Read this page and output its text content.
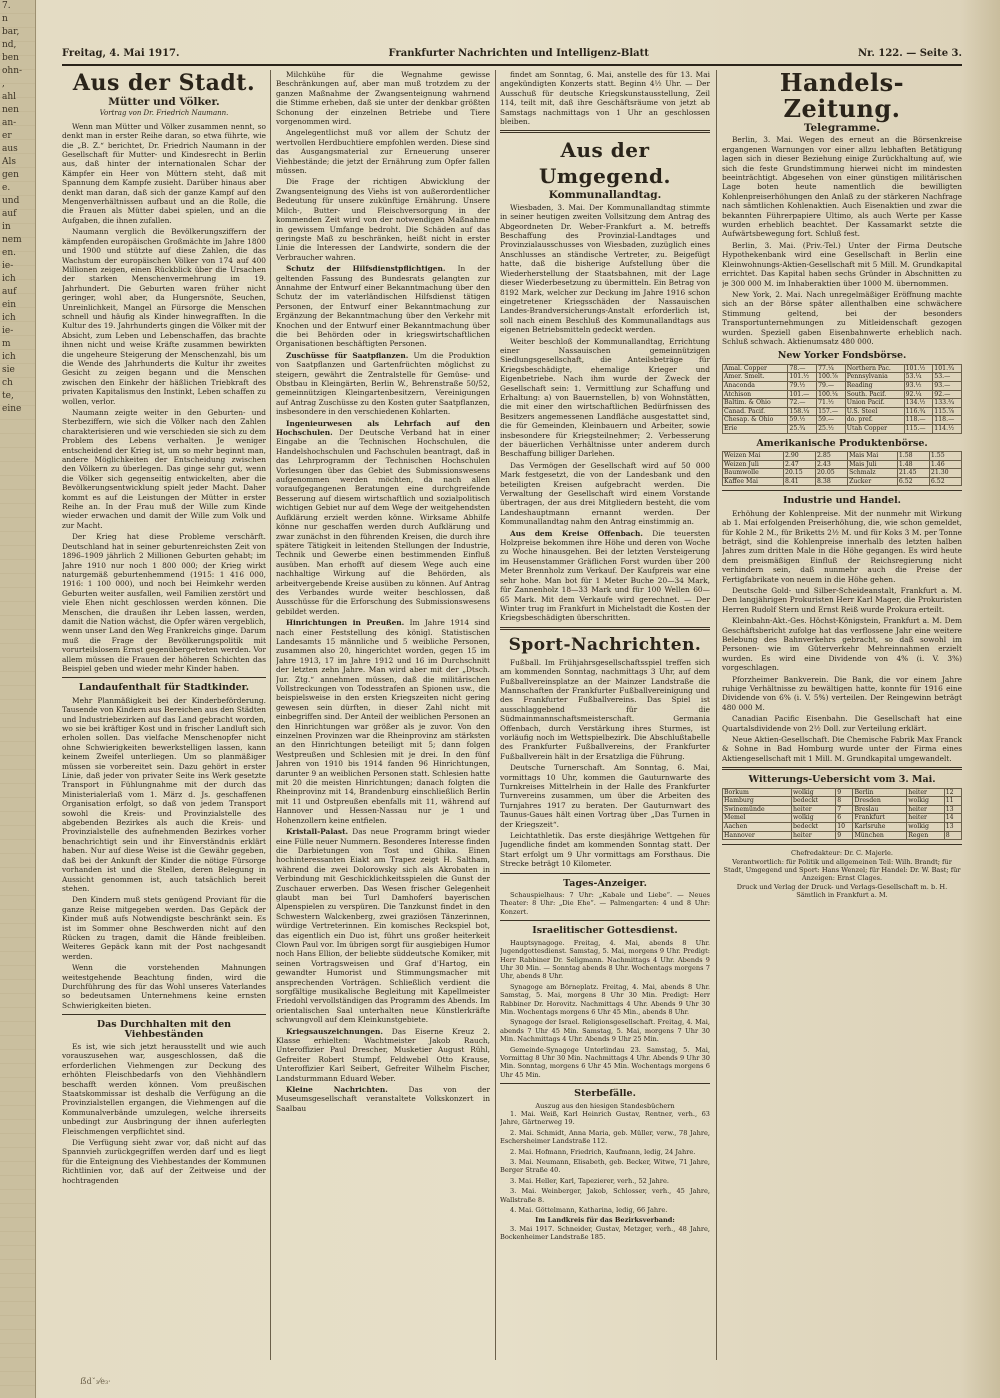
7.
n
bar,
nd,
ben
ohn-
,
ahl
nen
an-
er
aus
Als
gen
e.
und
auf
in
nem
en.
ie-
ich
auf
ein
ich
ie-
m
ich
sie
ch
te,
eine
Freitag, 4. Mai 1917.	Frankfurter Nachrichten und Intelligenz-Blatt	Nr. 122. — Seite 3.
Aus der Stadt.
Mütter und Völker.
Vortrag von Dr. Friedrich Naumann.
Wenn man Mütter und Völker zusammen nennt, so denkt man in erster Reihe daran, so etwa führte, wie die „B. Z.“ berichtet, Dr. Friedrich Naumann in der Gesellschaft für Mutter- und Kindesrecht in Berlin aus, daß hinter der internationalen Schar der Kämpfer ein Heer von Müttern steht, daß mit Spannung dem Kampfe zusieht. Darüber hinaus aber denkt man daran, daß sich der ganze Kampf auf den Mengenverhältnissen aufbaut und an die Rolle, die die Frauen als Mütter dabei spielen, und an die Aufgaben, die ihnen zufallen.
Naumann verglich die Bevölkerungsziffern der kämpfenden europäischen Großmächte im Jahre 1800 und 1900 und stützte auf diese Zahlen, die das Wachstum der europäischen Völker von 174 auf 400 Millionen zeigen, einen Rückblick über die Ursachen der starken Menschenvermehrung im 19. Jahrhundert. Die Geburten waren früher nicht geringer, wohl aber, da Hungersnöte, Seuchen, Unreinlichkeit, Mangel an Fürsorge die Menschen schnell und häufig als Kinder hinwegrafften. In die Kultur des 19. Jahrhunderts gingen die Völker mit der Absicht, zum Leben und Lebenschaffen, das brachte ihnen nicht und weise Kräfte zusammen bewirkten die ungeheure Steigerung der Menschenzahl, bis um die Wende des Jahrhunderts die Kultur ihr zweites Gesicht zu zeigen begann und die Menschen zwischen den Einkehr der häßlichen Triebkraft des privaten Kapitalismus den Instinkt, Leben schaffen zu wollen, verlor.
Naumann zeigte weiter in den Geburten- und Sterbeziffern, wie sich die Völker nach den Zahlen charakterisieren und wie verschieden sie sich zu dem Problem des Lebens verhalten. Je weniger entscheidend der Krieg ist, um so mehr beginnt man, andere Möglichkeiten der Entscheidung zwischen den Völkern zu überlegen. Das ginge sehr gut, wenn die Völker sich gegenseitig entwickelten, aber die Bevölkerungsentwicklung spielt jeder Macht. Daher kommt es auf die Leistungen der Mütter in erster Reihe an. In der Frau muß der Wille zum Kinde wieder erwachen und damit der Wille zum Volk und zur Macht.
Der Krieg hat diese Probleme verschärft. Deutschland hat in seiner geburtenreichsten Zeit von 1896–1909 jährlich 2 Millionen Geburten gehabt; im Jahre 1910 nur noch 1 800 000; der Krieg wirkt naturgemäß geburtenhemmend (1915: 1 416 000, 1916: 1 100 000), und noch bei Heimkehr werden Geburten weiter ausfallen, weil Familien zerstört und viele Ehen nicht geschlossen werden können. Die Menschen, die draußen ihr Leben lassen, werden, damit die Nation wächst, die Opfer wären vergeblich, wenn unser Land den Weg Frankreichs ginge. Darum muß die Frage der Bevölkerungspolitik mit vorurteilslosem Ernst gegenübergetreten werden. Vor allem müssen die Frauen der höheren Schichten das Beispiel geben und wieder mehr Kinder haben.
Landaufenthalt für Stadtkinder.
Mehr Planmäßigkeit bei der Kinderbeförderung. Tausende von Kindern aus Bereichen aus den Städten und Industriebezirken auf das Land gebracht worden, wo sie bei kräftiger Kost und in frischer Landluft sich erholen sollen. Das vielfache Menschenopfer nicht ohne Schwierigkeiten bewerkstelligen lassen, kann keinem Zweifel unterliegen. Um so planmäßiger müssen sie vorbereitet sein. Dazu gehört in erster Linie, daß jeder von privater Seite ins Werk gesetzte Transport in Fühlungnahme mit der durch das Ministerialerlaß vom 1. März d. Js. geschaffenen Organisation erfolgt, so daß von jedem Transport sowohl die Kreis- und Provinzialstelle des abgebenden Bezirkes als auch die Kreis- und Provinzialstelle des aufnehmenden Bezirkes vorher benachrichtigt sein und ihr Einverständnis erklärt haben. Nur auf diese Weise ist die Gewähr gegeben, daß bei der Ankunft der Kinder die nötige Fürsorge vorhanden ist und die Stellen, deren Belegung in Aussicht genommen ist, auch tatsächlich bereit stehen.
Den Kindern muß stets genügend Proviant für die ganze Reise mitgegeben werden. Das Gepäck der Kinder muß aufs Notwendigste beschränkt sein. Es ist im Sommer ohne Beschwerden nicht auf den Rücken zu tragen, damit die Hände freibleiben. Weiteres Gepäck kann mit der Post nachgesandt werden.
Wenn die vorstehenden Mahnungen weitestgehende Beachtung finden, wird die Durchführung des für das Wohl unseres Vaterlandes so bedeutsamen Unternehmens keine ernsten Schwierigkeiten bieten.
Das Durchhalten mit den Viehbeständen
Es ist, wie sich jetzt herausstellt und wie auch vorauszusehen war, ausgeschlossen, daß die erforderlichen Viehmengen zur Deckung des erhöhten Fleischbedarfs von den Viehhändlern beschafft werden können. Vom preußischen Staatskommissar ist deshalb die Verfügung an die Provinzialstellen ergangen, die Viehmengen auf die Kommunalverbände umzulegen, welche ihrerseits unbedingt zur Ausbringung der ihnen auferlegten Fleischmengen verpflichtet sind.
Die Verfügung sieht zwar vor, daß nicht auf das Spannvieh zurückgegriffen werden darf und es liegt für die Enteignung des Viehbestandes der Kommunen Richtlinien vor, daß auf der Zeitweise und der hochtragenden
Milchkühe für die Wegnahme gewisse Beschränkungen auf, aber man muß trotzdem zu der ganzen Maßnahme der Zwangsenteignung wahrnend die Stimme erheben, daß sie unter der denkbar größten Schonung der einzelnen Betriebe und Tiere vorgenommen wird.
Angelegentlichst muß vor allem der Schutz der wertvollen Herdbuchtiere empfohlen werden. Diese sind das Ausgangsmaterial zur Erneuerung unserer Viehbestände; die jetzt der Ernährung zum Opfer fallen müssen.
Die Frage der richtigen Abwicklung der Zwangsenteignung des Viehs ist von außerordentlicher Bedeutung für unsere zukünftige Ernährung. Unsere Milch-, Butter- und Fleischversorgung in der kommenden Zeit wird von der notwendigen Maßnahme in gewissem Umfange bedroht. Die Schäden auf das geringste Maß zu beschränken, heißt nicht in erster Linie die Interessen der Landwirte, sondern die der Verbraucher wahren.
Schutz der Hilfsdienstpflichtigen. In der geltenden Fassung des Bundesrats gelangten zur Annahme der Entwurf einer Bekanntmachung über den Schutz der im vaterländischen Hilfsdienst tätigen Personen, der Entwurf einer Bekanntmachung zur Ergänzung der Bekanntmachung über den Verkehr mit Knochen und der Entwurf einer Bekanntmachung über die bei Behörden oder in kriegswirtschaftlichen Organisationen beschäftigten Personen.
Zuschüsse für Saatpflanzen. Um die Produktion von Saatpflanzen und Gartenfrüchten möglichst zu steigern, gewährt die Zentralstelle für Gemüse- und Obstbau in Kleingärten, Berlin W., Behrenstraße 50/52, gemeinnützigen Kleingartenbesitzern, Vereinigungen auf Antrag Zuschüsse zu den Kosten guter Saatpflanzen, insbesondere in den verschiedenen Kohlarten.
Ingenieurwesen als Lehrfach auf den Hochschulen. Der Deutsche Verband hat in einer Eingabe an die Technischen Hochschulen, die Handelshochschulen und Fachschulen beantragt, daß in das Lehrprogramm der Technischen Hochschulen Vorlesungen über das Gebiet des Submissionswesens aufgenommen werden möchten, da nach allen voraufgegangenen Beratungen eine durchgreifende Besserung auf diesem wirtschaftlich und sozialpolitisch wichtigen Gebiet nur auf dem Wege der weitgehendsten Aufklärung erzielt werden könne. Wirksame Abhilfe könne nur geschaffen werden durch Aufklärung und zwar zunächst in den führenden Kreisen, die durch ihre spätere Tätigkeit in leitenden Stellungen der Industrie, Technik und Gewerbe einen bestimmenden Einfluß ausüben. Man erhofft auf diesem Wege auch eine nachhaltige Wirkung auf die Behörden, als arbeitvergebende Kreise ausüben zu können. Auf Antrag des Verbandes wurde weiter beschlossen, daß Ausschüsse für die Erforschung des Submissionswesens gebildet werden.
Hinrichtungen in Preußen. Im Jahre 1914 sind nach einer Feststellung des königl. Statistischen Landesamts 15 männliche und 5 weibliche Personen, zusammen also 20, hingerichtet worden, gegen 15 im Jahre 1913, 17 im Jahre 1912 und 16 im Durchschnitt der letzten zehn Jahre. Man wird aber mit der „Dtsch. Jur. Ztg.“ annehmen müssen, daß die militärischen Vollstreckungen von Todesstrafen an Spionen usw., die beispielsweise in den ersten Kriegszeiten nicht gering gewesen sein dürften, in dieser Zahl nicht mit einbegriffen sind. Der Anteil der weiblichen Personen an den Hinrichtungen war größer als je zuvor. Von den einzelnen Provinzen war die Rheinprovinz am stärksten an den Hinrichtungen beteiligt mit 5; dann folgen Westpreußen und Schlesien mit je drei. In den fünf Jahren von 1910 bis 1914 fanden 96 Hinrichtungen, darunter 9 an weiblichen Personen statt. Schlesien hatte mit 20 die meisten Hinrichtungen; danach folgten die Rheinprovinz mit 14, Brandenburg einschließlich Berlin mit 11 und Ostpreußen ebenfalls mit 11, während auf Hannover und Hessen-Nassau nur je 1 und Hohenzollern keine entfielen.
Kristall-Palast. Das neue Programm bringt wieder eine Fülle neuer Nummern. Besonderes Interesse finden die Darbietungen von Tost und Ghika. Einen hochinteressanten Eiakt am Trapez zeigt H. Saltham, während die zwei Dolorowsky sich als Akrobaten in Verbindung mit Geschicklichkeitsspielen die Gunst der Zuschauer erwerben. Das Wesen frischer Gelegenheit glaubt man bei Turl Damhoferś bayerischen Alpenspielen zu verspüren. Die Tanzkunst findet in den Schwestern Walckenberg, zwei graziösen Tänzerinnen, würdige Vertreterinnen. Ein komisches Reckspiel bot, das eigentlich ein Duo ist, führt uns großer heiterkeit Clown Paul vor. Im übrigen sorgt für ausgiebigen Humor noch Hans Ellion, der beliebte süddeutsche Komiker, mit seinen Vortragsweisen und Graf d'Hartog, ein gewandter Humorist und Stimmungsmacher mit ansprechenden Vorträgen. Schließlich verdient die sorgfältige musikalische Begleitung mit Kapellmeister Friedohl vervollständigen das Programm des Abends. Im orientalischen Saal unterhalten neue Künstlerkräfte schwungvoll auf dem Kleinkunstgebiete.
Kriegsauszeichnungen. Das Eiserne Kreuz 2. Klasse erhielten: Wachtmeister Jakob Rauch, Unteroffizier Paul Drescher, Musketier August Rühl, Gefreiter Robert Stumpf, Feldwebel Otto Krause, Unteroffizier Karl Seibert, Gefreiter Wilhelm Fischer, Landsturmmann Eduard Weber.
Kleine Nachrichten.	Das von der Museumsgesellschaft veranstaltete Volkskonzert in Saalbau
findet am Sonntag, 6. Mai, anstelle des für 13. Mai angekündigten Konzerts statt. Beginn 4½ Uhr. — Der Ausschuß für deutsche Kriegskunstausstellung, Zeil 114, teilt mit, daß ihre Geschäftsräume von jetzt ab Samstags nachmittags von 1 Uhr an geschlossen bleiben.
Aus der Umgegend.
Kommunallandtag.
Wiesbaden, 3. Mai. Der Kommunallandtag stimmte in seiner heutigen zweiten Vollsitzung dem Antrag des Abgeordneten Dr. Weber-Frankfurt a. M. betreffs Beschaffung des Provinzial-Landtages und Provinzialausschusses von Wiesbaden, zuzüglich eines Anschlusses an ständische Vertreter, zu. Beigefügt hatte, daß die bisherige Aufstellung über die Wiederherstellung der Staatsbahnen, mit der Lage dieser Wiederbesetzung zu übermitteln. Ein Betrag von 8192 Mark, welcher zur Deckung im Jahre 1916 schon eingetretener Kriegsschäden der Nassauischen Landes-Brandversicherungs-Anstalt erforderlich ist, soll nach einem Beschluß des Kommunallandtags aus eigenen Betriebsmitteln gedeckt werden.
Weiter beschloß der Kommunallandtag, Errichtung einer Nassauischen gemeinnützigen Siedlungsgesellschaft, die Anteilsbeträge für Kriegsbeschädigte, ehemalige Krieger und Eigenbetriebe. Nach ihm wurde der Zweck der Gesellschaft sein: 1. Vermittlung zur Schaffung und Erhaltung: a) von Bauernstellen, b) von Wohnstätten, die mit einer den wirtschaftlichen Bedürfnissen des Besitzers angemessenen Landfläche ausgestattet sind, die für Gemeinden, Kleinbauern und Arbeiter, sowie insbesondere für Kriegsteilnehmer; 2. Verbesserung der bäuerlichen Verhältnisse unter anderem durch Beschaffung billiger Darlehen.
Das Vermögen der Gesellschaft wird auf 50 000 Mark festgesetzt, die von der Landesbank und den beteiligten Kreisen aufgebracht werden. Die Verwaltung der Gesellschaft wird einem Vorstande übertragen, der aus drei Mitgliedern besteht, die vom Landeshauptmann ernannt werden. Der Kommunallandtag nahm den Antrag einstimmig an.
Aus dem Kreise Offenbach. Die teuersten Holzpreise bekommen ihre Höhe und deren von Woche zu Woche hinausgehen. Bei der letzten Versteigerung im Heusenstammer Gräflichen Forst wurden über 200 Meter Brennholz zum Verkauf. Der Kaufpreis war eine sehr hohe. Man bot für 1 Meter Buche 20—34 Mark, für Zannenholz 18—33 Mark und für 100 Wellen 60—65 Mark. Mit dem Verkaufe wird gerechnet. — Der Winter trug im Frankfurt in Michelstadt die Kosten der Kriegsbeschädigten überschritten.
Sport-Nachrichten.
Fußball. Im Frühjahrsgesellschaftsspiel treffen sich am kommenden Sonntag, nachmittags 3 Uhr, auf dem Fußballvereinsplatze an der Mainzer Landstraße die Mannschaften der Frankfurter Fußballvereinigung und des Frankfurter Fußballvereins. Das Spiel ist ausschlaggebend für die Südmainmannschaftsmeisterschaft. Germania Offenbach, durch Verstärkung ihres Sturmes, ist vorläufig noch im Wettspielbezirk. Die Abschlußtabelle des Frankfurter Fußballvereins, der Frankfurter Fußballverein hält in der Ersatzliga die Führung.
Deutsche Turnerschaft. Am Sonntag, 6. Mai, vormittags 10 Uhr, kommen die Gauturnwarte des Turnkreises Mittelrhein in der Halle des Frankfurter Turnvereins zusammen, um über die Arbeiten des Turnjahres 1917 zu beraten. Der Gauturnwart des Taunus-Gaues hält einen Vortrag über „Das Turnen in der Kriegszeit“.
Leichtathletik. Das erste diesjährige Wettgehen für Jugendliche findet am kommenden Sonntag statt. Der Start erfolgt um 9 Uhr vormittags am Forsthaus. Die Strecke beträgt 10 Kilometer.
Tages-Anzeiger.
Schauspielhaus: 7 Uhr: „Kabale und Liebe“. — Neues Theater: 8 Uhr: „Die Ehe“. — Palmengarten: 4 und 8 Uhr: Konzert.
Israelitischer Gottesdienst.
Hauptsynagoge. Freitag, 4. Mai, abends 8 Uhr. Jugendgottesdienst. Samstag, 5. Mai, morgens 9 Uhr. Predigt: Herr Rabbiner Dr. Seligmann. Nachmittags 4 Uhr. Abends 9 Uhr 30 Min. — Sonntag abends 8 Uhr. Wochentags morgens 7 Uhr, abends 8 Uhr.
Synagoge am Börneplatz. Freitag, 4. Mai, abends 8 Uhr. Samstag, 5. Mai, morgens 8 Uhr 30 Min. Predigt: Herr Rabbiner Dr. Horovitz. Nachmittags 4 Uhr. Abends 9 Uhr 30 Min. Wochentags morgens 6 Uhr 45 Min., abends 8 Uhr.
Synagoge der Israel. Religionsgesellschaft. Freitag, 4. Mai, abends 7 Uhr 45 Min. Samstag, 5. Mai, morgens 7 Uhr 30 Min. Nachmittags 4 Uhr. Abends 9 Uhr 25 Min.
Gemeinde-Synagoge Unterlindau 23. Samstag, 5. Mai, Vormittag 8 Uhr 30 Min. Nachmittags 4 Uhr. Abends 9 Uhr 30 Min. Sonntag, morgens 6 Uhr 45 Min. Wochentags morgens 6 Uhr 45 Min.
Sterbefälle.
Auszug aus den hiesigen Standesbüchern
1. Mai. Weiß, Karl Heinrich Gustav, Rentner, verh., 63 Jahre, Gärtnerweg 19.
2. Mai. Schmidt, Anna Maria, geb. Müller, verw., 78 Jahre, Eschersheimer Landstraße 112.
2. Mai. Hofmann, Friedrich, Kaufmann, ledig, 24 Jahre.
3. Mai. Neumann, Elisabeth, geb. Becker, Witwe, 71 Jahre, Berger Straße 40.
3. Mai. Heller, Karl, Tapezierer, verh., 52 Jahre.
3. Mai. Weinberger, Jakob, Schlosser, verh., 45 Jahre, Wallstraße 8.
4. Mai. Göttelmann, Katharina, ledig, 66 Jahre.
Im Landkreis für das Bezirksverband:
3. Mai 1917. Schneider, Gustav, Metzger, verh., 48 Jahre, Bockenheimer Landstraße 185.
Handels-Zeitung.
Telegramme.
Berlin, 3. Mai. Wegen des erneut an die Börsenkreise ergangenen Warnungen vor einer allzu lebhaften Betätigung lagen sich in dieser Beziehung einige Zurückhaltung auf, wie sich die feste Grundstimmung hierwei nicht im mindesten beeinträchtigt. Abgesehen von einer günstigen militärischen Lage boten heute namentlich die bewilligten Kohlenpreiserhöhungen den Anlaß zu der stärkeren Nachfrage nach sämtlichen Kohlenaktien. Auch Eisenaktien und zwar die bekannten Führerpapiere Ultimo, als auch Werte per Kasse wurden erheblich beachtet. Der Kassamarkt setzte die Aufwärtsbewegung fort. Schluß fest.
Berlin, 3. Mai. (Priv.-Tel.) Unter der Firma Deutsche Hypothekenbank wird eine Gesellschaft in Berlin eine Kleinwohnungs-Aktien-Gesellschaft mit 5 Mill. M. Grundkapital errichtet. Das Kapital haben sechs Gründer in Abschnitten zu je 300 000 M. im Inhaberaktien über 1000 M. übernommen.
New York, 2. Mai. Nach unregelmäßiger Eröffnung machte sich an der Börse später allenthalben eine schwächere Stimmung geltend, bei der besonders Transportunternehmungen zu Mitleidenschaft gezogen wurden. Speziell gaben Eisenbahnwerte erheblich nach. Schluß schwach. Aktienumsatz 480 000.
New Yorker Fondsbörse.
Amal. Copper	78.—	77.¼	Northern Pac.	101.½	101.¾
Amer. Smelt.	101.½	100.⅞	Pennsylvania	53.¼	53.—
Anaconda	79.½	79.—	Reading	93.½	93.—
Atchison	101.—	100.¼	South. Pacif.	92.¼	92.—
Baltim. & Ohio	72.—	71.½	Union Pacif.	134.½	133.¾
Canad. Pacif.	158.¼	157.—	U.S. Steel	116.¾	115.⅞
Chesap. & Ohio	59.½	59.—	do. pref.	118.—	118.—
Erie	25.¾	25.½	Utah Copper	115.—	114.½
Amerikanische Produktenbörse.
Weizen Mai	2.90	2.85	Mais Mai	1.58	1.55
Weizen Juli	2.47	2.43	Mais Juli	1.48	1.46
Baumwolle	20.15	20.05	Schmalz	21.45	21.30
Kaffee Mai	8.41	8.38	Zucker	6.52	6.52
Industrie und Handel.
Erhöhung der Kohlenpreise. Mit der nunmehr mit Wirkung ab 1. Mai erfolgenden Preiserhöhung, die, wie schon gemeldet, für Kohle 2 M., für Briketts 2½ M. und für Koks 3 M. per Tonne beträgt, sind die Kohlenpreise innerhalb des letzten halben Jahres zum dritten Male in die Höhe gegangen. Es wird heute dem preismäßigen Einfluß der Reichsregierung nicht verhindern sein, daß nunmehr auch die Preise der Fertigfabrikate von neuem in die Höhe gehen.
Deutsche Gold- und Silber-Scheideanstalt, Frankfurt a. M. Den langjährigen Prokuristen Herr Karl Mager, die Prokuristen Herren Rudolf Stern und Ernst Reiß wurde Prokura erteilt.
Kleinbahn-Akt.-Ges. Höchst-Königstein, Frankfurt a. M. Dem Geschäftsbericht zufolge hat das verflossene Jahr eine weitere Belebung des Bahnverkehrs gebracht, so daß sowohl im Personen- wie im Güterverkehr Mehreinnahmen erzielt wurden. Es wird eine Dividende von 4% (i. V. 3%) vorgeschlagen.
Pforzheimer Bankverein. Die Bank, die vor einem Jahre ruhige Verhältnisse zu bewältigen hatte, konnte für 1916 eine Dividende von 6% (i. V. 5%) verteilen. Der Reingewinn beträgt 480 000 M.
Canadian Pacific Eisenbahn. Die Gesellschaft hat eine Quartalsdividende von 2½ Doll. zur Verteilung erklärt.
Neue Aktien-Gesellschaft. Die Chemische Fabrik Max Franck & Sohne in Bad Homburg wurde unter der Firma eines Aktiengesellschaft mit 1 Mill. M. Grundkapital umgewandelt.
Witterungs-Uebersicht vom 3. Mai.
Borkum	wolkig	9	Berlin	heiter	12
Hamburg	bedeckt	8	Dresden	wolkig	11
Swinemünde	heiter	7	Breslau	heiter	13
Memel	wolkig	6	Frankfurt	heiter	14
Aachen	bedeckt	10	Karlsruhe	wolkig	13
Hannover	heiter	9	München	Regen	8
Chefredakteur: Dr. C. Majerle.
Verantwortlich: für Politik und allgemeinen Teil: Wilh. Brandt; für Stadt, Umgegend und Sport: Hans Wenzel; für Handel: Dr. W. Bast; für Anzeigen: Ernst Clages.
Druck und Verlag der Druck- und Verlags-Gesellschaft m. b. H. Sämtlich in Frankfurt a. M.
ẞdˇ₃⁄e₃⸱
